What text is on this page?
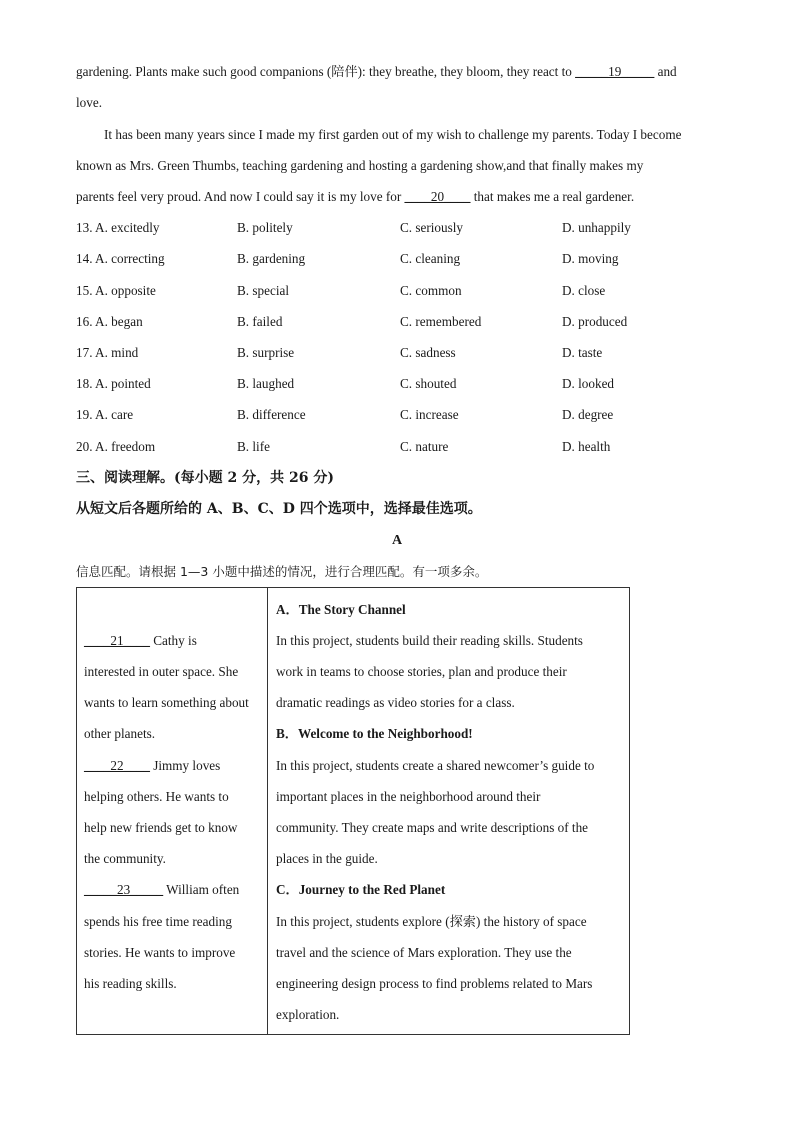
gardening. Plants make such good companions (陪伴): they breathe, they bloom, they react to _____19_____ and
love.
It has been many years since I made my first garden out of my wish to challenge my parents. Today I become
known as Mrs. Green Thumbs, teaching gardening and hosting a gardening show,and that finally makes my
parents feel very proud. And now I could say it is my love for ____20____ that makes me a real gardener.
13. A. excitedly	B. politely	C. seriously	D. unhappily
14. A. correcting	B. gardening	C. cleaning	D. moving
15. A. opposite	B. special	C. common	D. close
16. A. began	B. failed	C. remembered	D. produced
17. A. mind	B. surprise	C. sadness	D. taste
18. A. pointed	B. laughed	C. shouted	D. looked
19. A. care	B. difference	C. increase	D. degree
20. A. freedom	B. life	C. nature	D. health
三、阅读理解。(每小题 2 分，共 26 分)
从短文后各题所给的 A、B、C、D 四个选项中，选择最佳选项。
A
信息匹配。请根据 1—3 小题中描述的情况，进行合理匹配。有一项多余。
____21____ Cathy is
interested in outer space. She
wants to learn something about
other planets.
____22____ Jimmy loves
helping others. He wants to
help new friends get to know
the community.
_____23_____ William often
spends his free time reading
stories. He wants to improve
his reading skills.

A．The Story Channel
In this project, students build their reading skills. Students
work in teams to choose stories, plan and produce their
dramatic readings as video stories for a class.
B．Welcome to the Neighborhood!
In this project, students create a shared newcomer’s guide to
important places in the neighborhood around their
community. They create maps and write descriptions of the
places in the guide.
C．Journey to the Red Planet
In this project, students explore (探索) the history of space
travel and the science of Mars exploration. They use the
engineering design process to find problems related to Mars
exploration.
